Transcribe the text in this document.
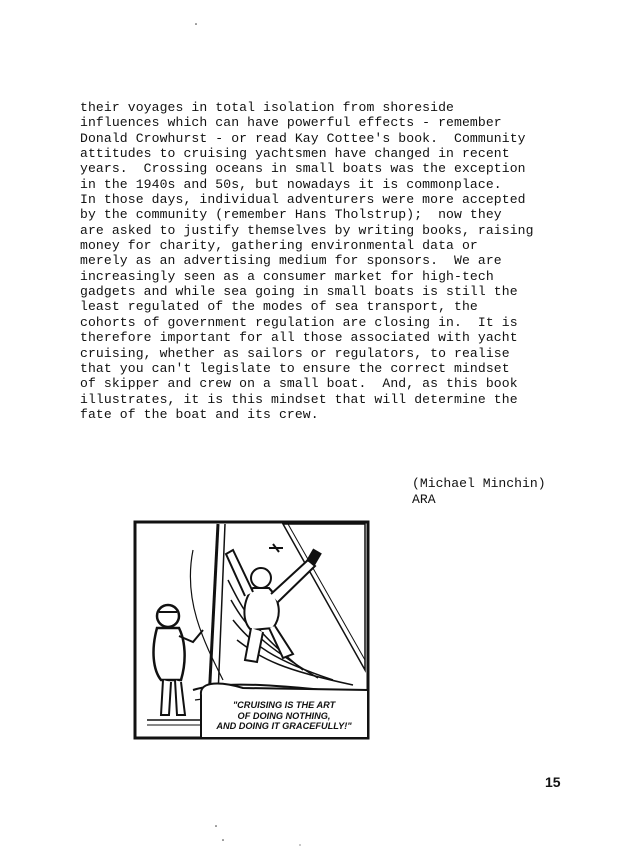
their voyages in total isolation from shoreside
influences which can have powerful effects - remember
Donald Crowhurst - or read Kay Cottee's book.  Community
attitudes to cruising yachtsmen have changed in recent
years.  Crossing oceans in small boats was the exception
in the 1940s and 50s, but nowadays it is commonplace.
In those days, individual adventurers were more accepted
by the community (remember Hans Tholstrup);  now they
are asked to justify themselves by writing books, raising
money for charity, gathering environmental data or
merely as an advertising medium for sponsors.  We are
increasingly seen as a consumer market for high-tech
gadgets and while sea going in small boats is still the
least regulated of the modes of sea transport, the
cohorts of government regulation are closing in.  It is
therefore important for all those associated with yacht
cruising, whether as sailors or regulators, to realise
that you can't legislate to ensure the correct mindset
of skipper and crew on a small boat.  And, as this book
illustrates, it is this mindset that will determine the
fate of the boat and its crew.
(Michael Minchin)
ARA
"CRUISING IS THE ART
OF DOING NOTHING,
AND DOING IT GRACEFULLY!"
15
